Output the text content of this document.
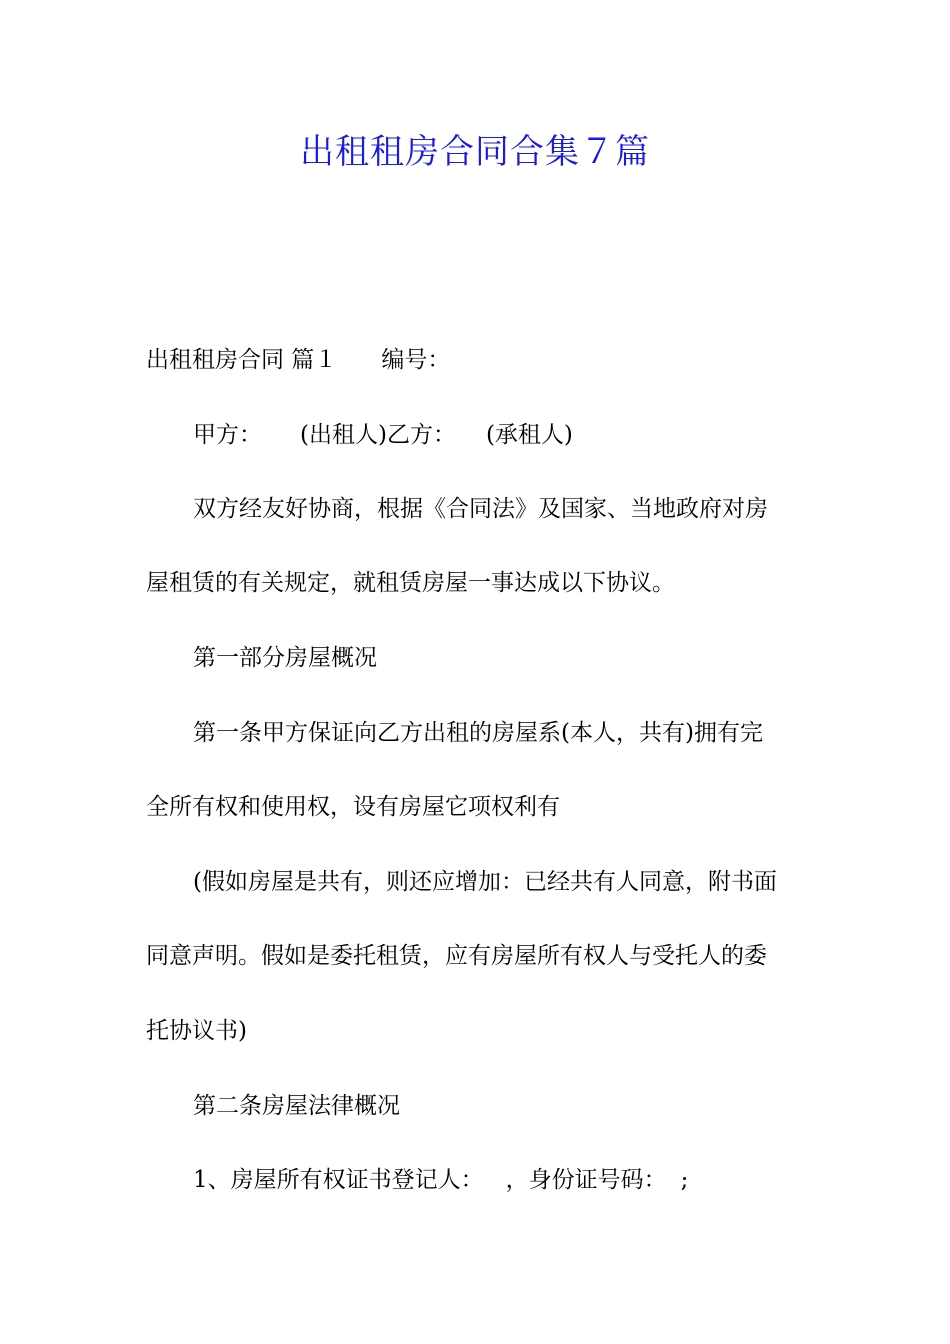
出租租房合同合集７篇
出租租房合同 篇１ 编号：
甲方： (出租人)乙方： (承租人)
双方经友好协商，根据《合同法》及国家、当地政府对房
屋租赁的有关规定，就租赁房屋一事达成以下协议。
第一部分房屋概况
第一条甲方保证向乙方出租的房屋系(本人，共有)拥有完
全所有权和使用权，设有房屋它项权利有
(假如房屋是共有，则还应增加：已经共有人同意，附书面
同意声明。假如是委托租赁，应有房屋所有权人与受托人的委
托协议书)
第二条房屋法律概况
1、房屋所有权证书登记人： ，身份证号码： ;
